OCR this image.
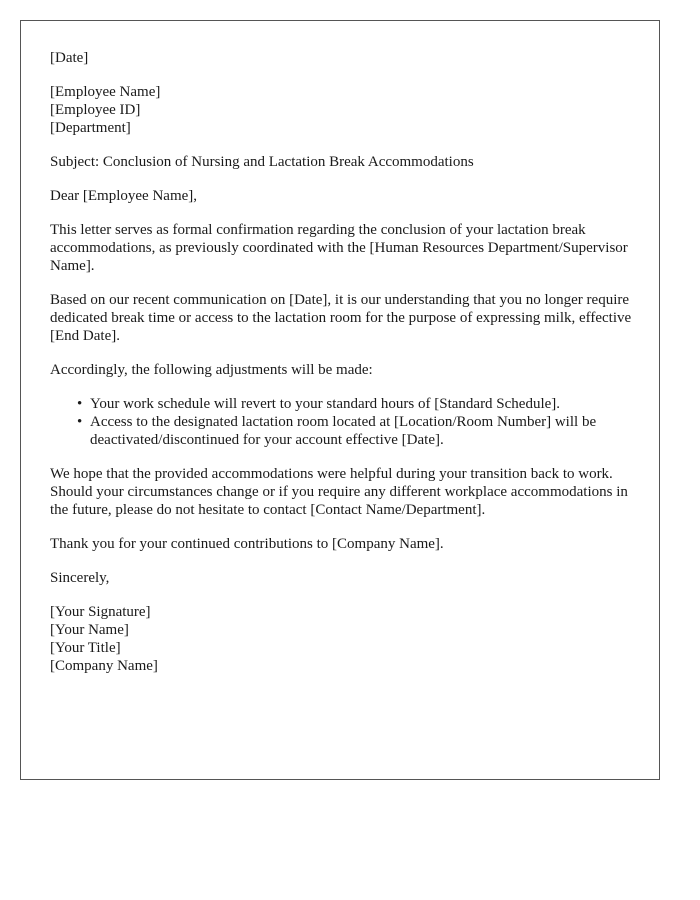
[Date]
[Employee Name]
[Employee ID]
[Department]

Subject: Conclusion of Nursing and Lactation Break Accommodations

Dear [Employee Name],

This letter serves as formal confirmation regarding the conclusion of your lactation break accommodations, as previously coordinated with the [Human Resources Department/Supervisor Name].

Based on our recent communication on [Date], it is our understanding that you no longer require dedicated break time or access to the lactation room for the purpose of expressing milk, effective [End Date].

Accordingly, the following adjustments will be made:

• Your work schedule will revert to your standard hours of [Standard Schedule].
• Access to the designated lactation room located at [Location/Room Number] will be deactivated/discontinued for your account effective [Date].

We hope that the provided accommodations were helpful during your transition back to work. Should your circumstances change or if you require any different workplace accommodations in the future, please do not hesitate to contact [Contact Name/Department].

Thank you for your continued contributions to [Company Name].

Sincerely,

[Your Signature]
[Your Name]
[Your Title]
[Company Name]
